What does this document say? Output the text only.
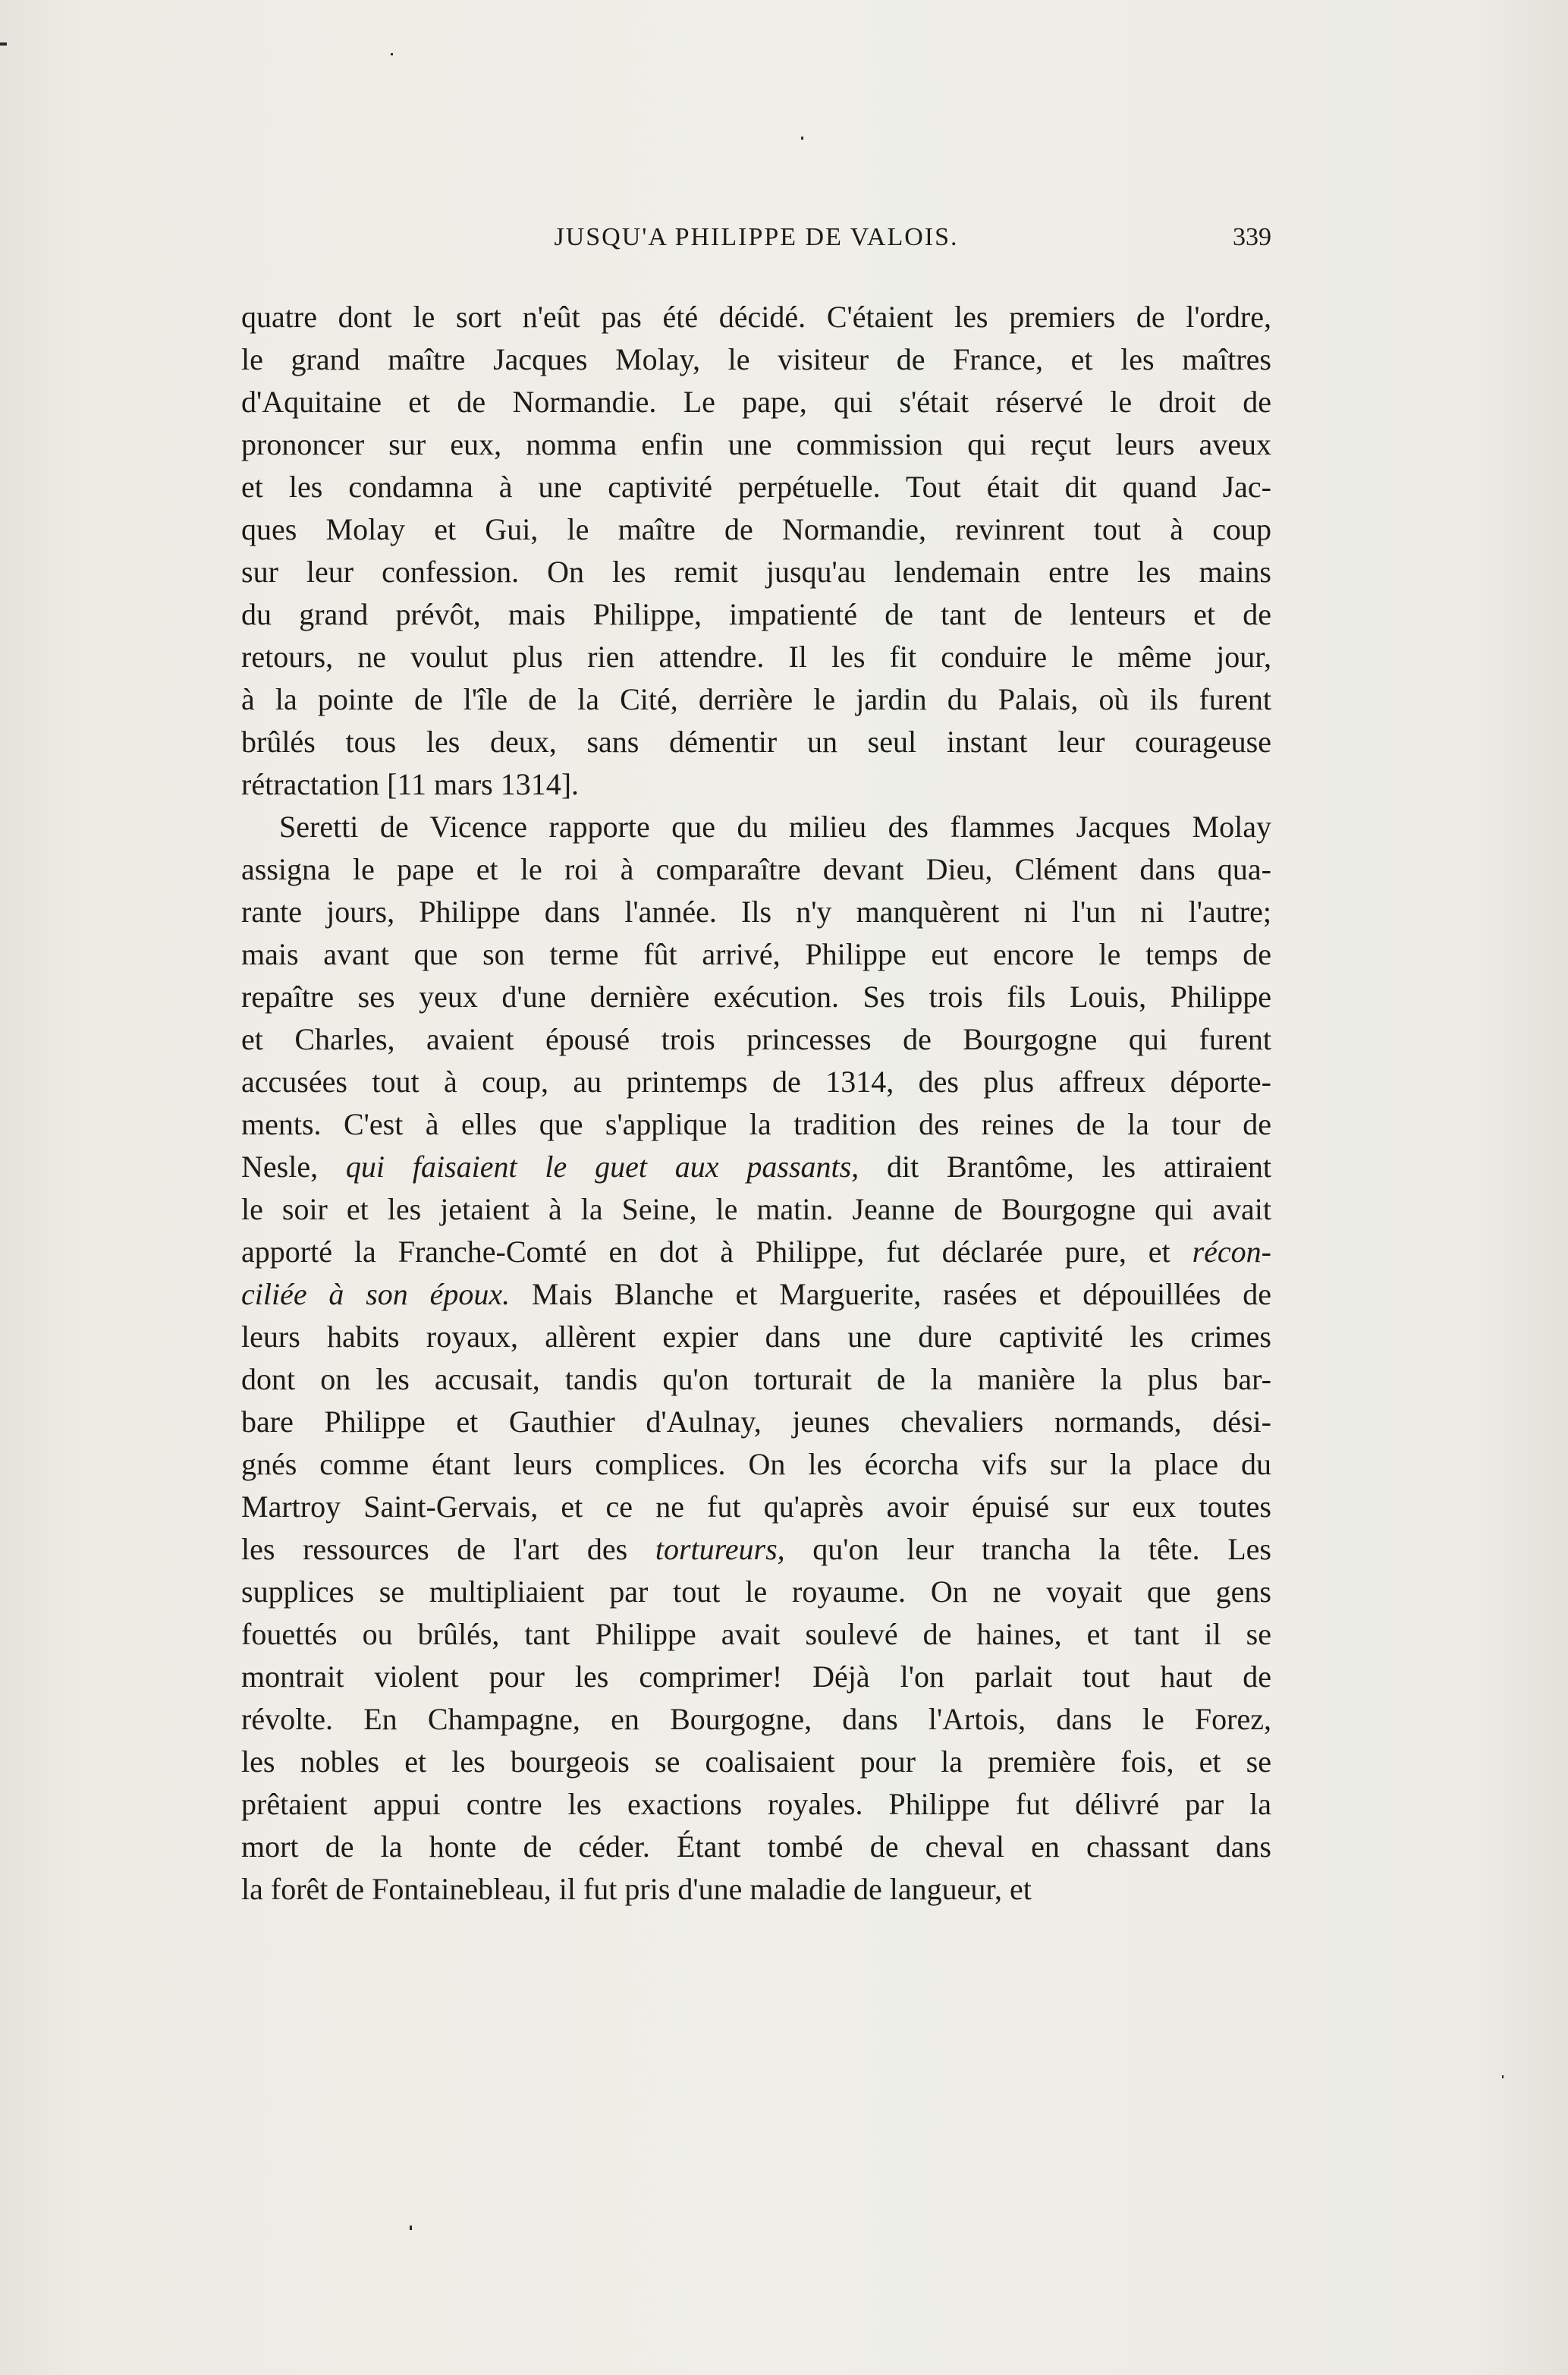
JUSQU'A PHILIPPE DE VALOIS.	339
quatre dont le sort n'eût pas été décidé. C'étaient les premiers de l'ordre,
le grand maître Jacques Molay, le visiteur de France, et les maîtres
d'Aquitaine et de Normandie. Le pape, qui s'était réservé le droit de
prononcer sur eux, nomma enfin une commission qui reçut leurs aveux
et les condamna à une captivité perpétuelle. Tout était dit quand Jac-
ques Molay et Gui, le maître de Normandie, revinrent tout à coup
sur leur confession. On les remit jusqu'au lendemain entre les mains
du grand prévôt, mais Philippe, impatienté de tant de lenteurs et de
retours, ne voulut plus rien attendre. Il les fit conduire le même jour,
à la pointe de l'île de la Cité, derrière le jardin du Palais, où ils furent
brûlés tous les deux, sans démentir un seul instant leur courageuse
rétractation [11 mars 1314].
Seretti de Vicence rapporte que du milieu des flammes Jacques Molay
assigna le pape et le roi à comparaître devant Dieu, Clément dans qua-
rante jours, Philippe dans l'année. Ils n'y manquèrent ni l'un ni l'autre;
mais avant que son terme fût arrivé, Philippe eut encore le temps de
repaître ses yeux d'une dernière exécution. Ses trois fils Louis, Philippe
et Charles, avaient épousé trois princesses de Bourgogne qui furent
accusées tout à coup, au printemps de 1314, des plus affreux déporte-
ments. C'est à elles que s'applique la tradition des reines de la tour de
Nesle, qui faisaient le guet aux passants, dit Brantôme, les attiraient
le soir et les jetaient à la Seine, le matin. Jeanne de Bourgogne qui avait
apporté la Franche-Comté en dot à Philippe, fut déclarée pure, et récon-
ciliée à son époux. Mais Blanche et Marguerite, rasées et dépouillées de
leurs habits royaux, allèrent expier dans une dure captivité les crimes
dont on les accusait, tandis qu'on torturait de la manière la plus bar-
bare Philippe et Gauthier d'Aulnay, jeunes chevaliers normands, dési-
gnés comme étant leurs complices. On les écorcha vifs sur la place du
Martroy Saint-Gervais, et ce ne fut qu'après avoir épuisé sur eux toutes
les ressources de l'art des tortureurs, qu'on leur trancha la tête. Les
supplices se multipliaient par tout le royaume. On ne voyait que gens
fouettés ou brûlés, tant Philippe avait soulevé de haines, et tant il se
montrait violent pour les comprimer! Déjà l'on parlait tout haut de
révolte. En Champagne, en Bourgogne, dans l'Artois, dans le Forez,
les nobles et les bourgeois se coalisaient pour la première fois, et se
prêtaient appui contre les exactions royales. Philippe fut délivré par la
mort de la honte de céder. Étant tombé de cheval en chassant dans
la forêt de Fontainebleau, il fut pris d'une maladie de langueur, et
